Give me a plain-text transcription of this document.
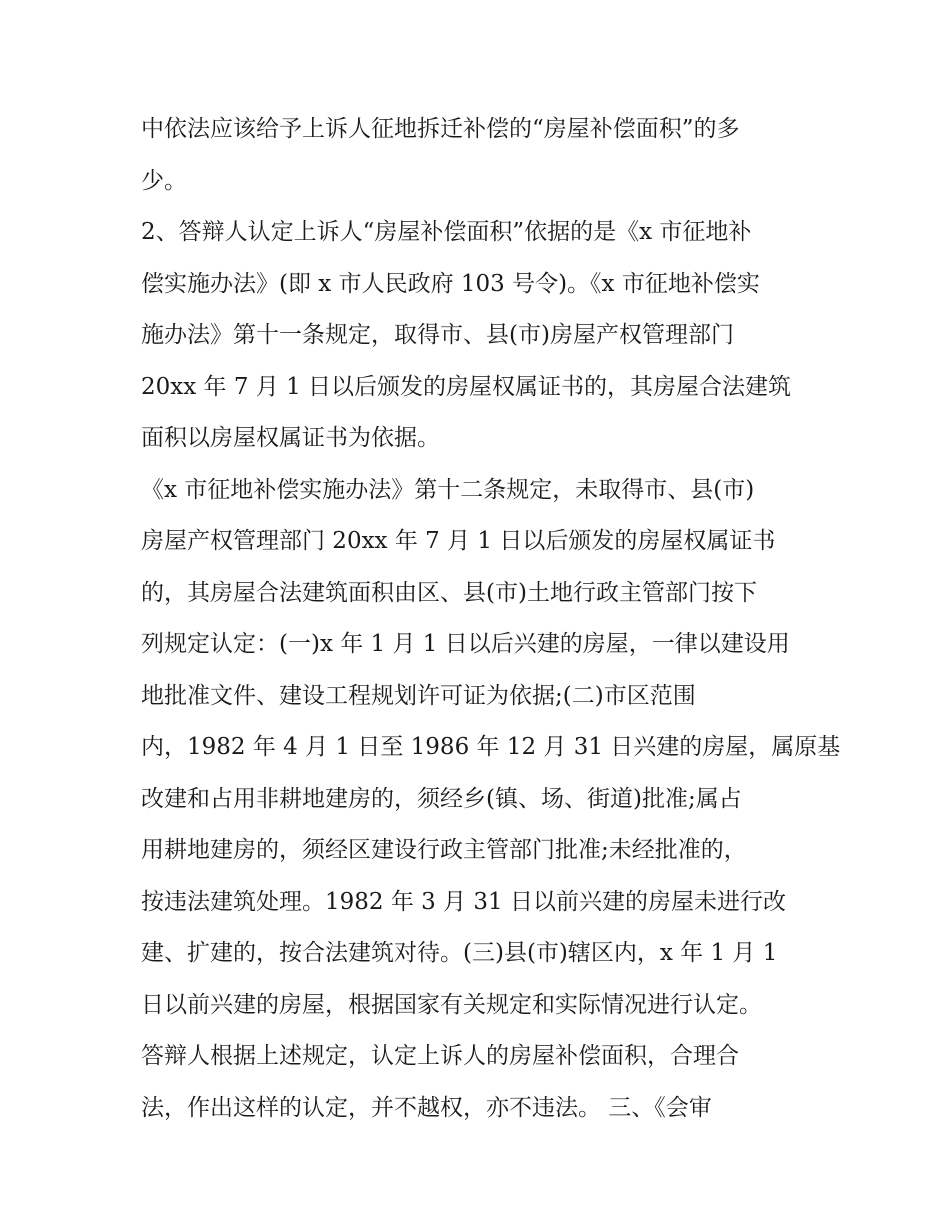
中依法应该给予上诉人征地拆迁补偿的“房屋补偿面积”的多
少。
2、答辩人认定上诉人“房屋补偿面积”依据的是《x 市征地补
偿实施办法》(即 x 市人民政府 103 号令)。《x 市征地补偿实
施办法》第十一条规定，取得市、县(市)房屋产权管理部门
20xx 年 7 月 1 日以后颁发的房屋权属证书的，其房屋合法建筑
面积以房屋权属证书为依据。
《x 市征地补偿实施办法》第十二条规定，未取得市、县(市)
房屋产权管理部门 20xx 年 7 月 1 日以后颁发的房屋权属证书
的，其房屋合法建筑面积由区、县(市)土地行政主管部门按下
列规定认定：(一)x 年 1 月 1 日以后兴建的房屋，一律以建设用
地批准文件、建设工程规划许可证为依据;(二)市区范围
内，1982 年 4 月 1 日至 1986 年 12 月 31 日兴建的房屋，属原基
改建和占用非耕地建房的，须经乡(镇、场、街道)批准;属占
用耕地建房的，须经区建设行政主管部门批准;未经批准的，
按违法建筑处理。1982 年 3 月 31 日以前兴建的房屋未进行改
建、扩建的，按合法建筑对待。(三)县(市)辖区内，x 年 1 月 1
日以前兴建的房屋，根据国家有关规定和实际情况进行认定。
答辩人根据上述规定，认定上诉人的房屋补偿面积，合理合
法，作出这样的认定，并不越权，亦不违法。 三、《会审
